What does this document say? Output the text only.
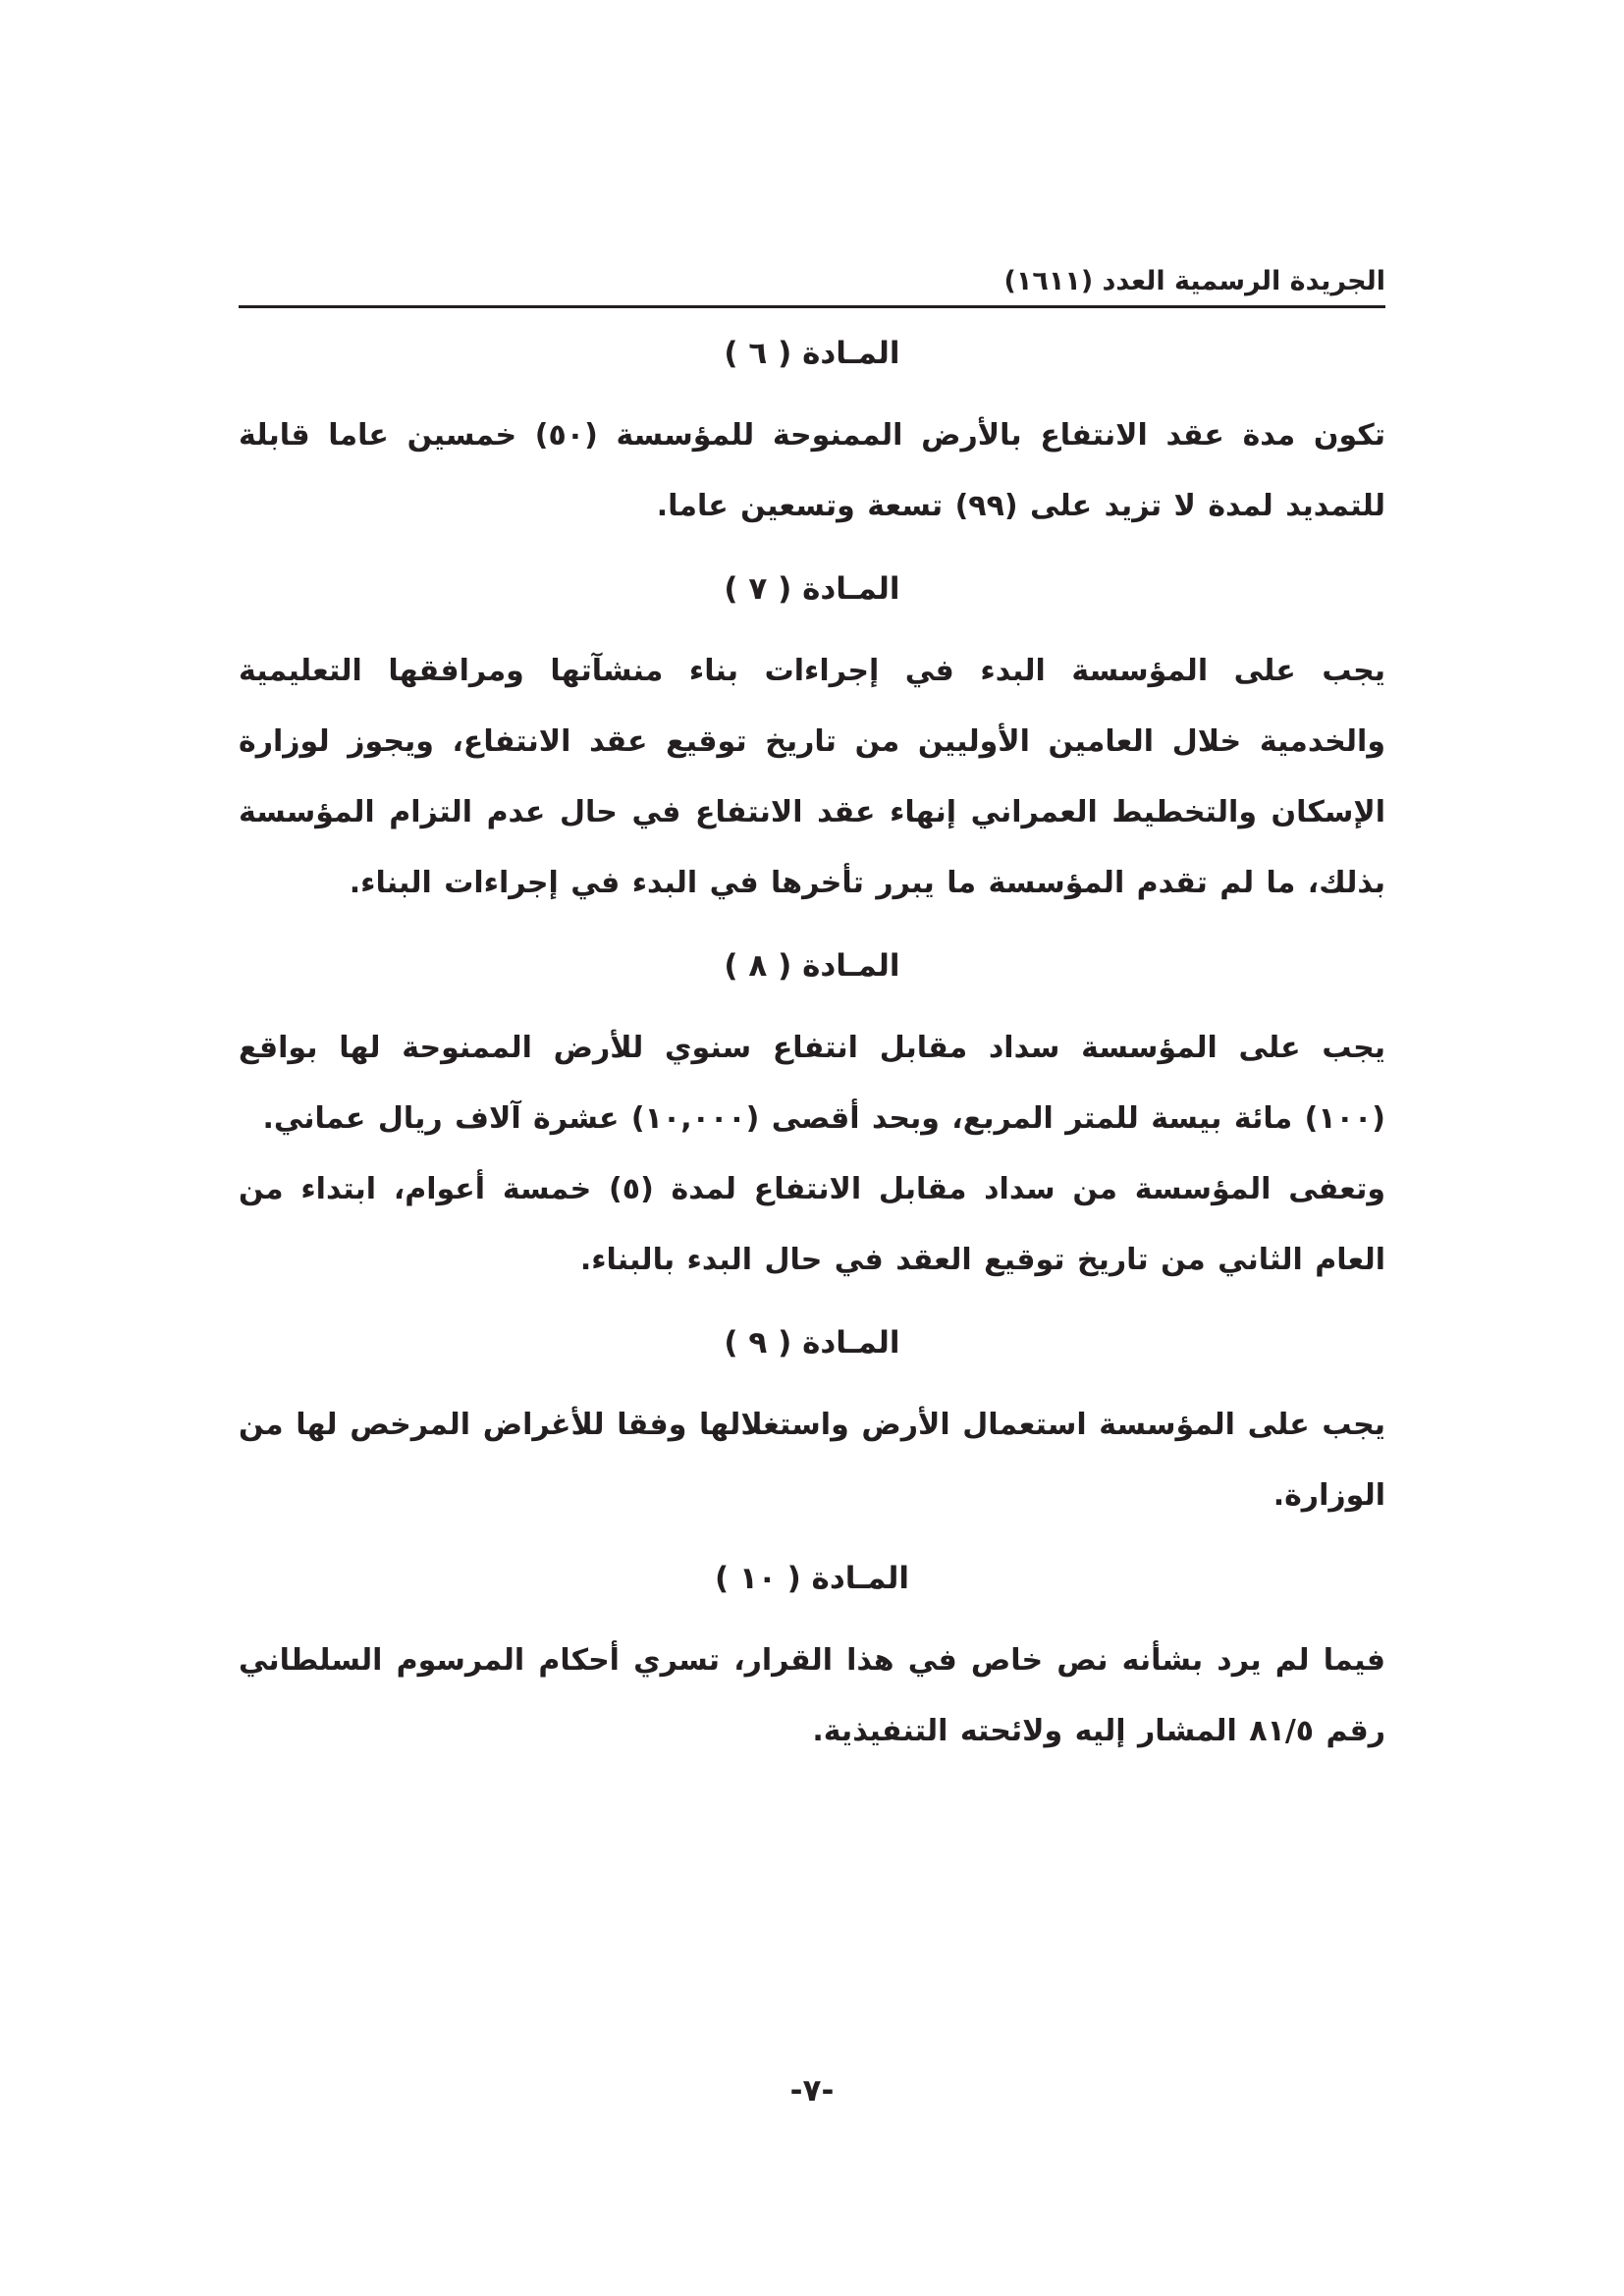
الجريدة الرسمية العدد (١٦١١)
المـادة ( ٦ )

تكون مدة عقد الانتفاع بالأرض الممنوحة للمؤسسة (٥٠) خمسين عاما قابلة للتمديد لمدة لا تزيد على (٩٩) تسعة وتسعين عاما.

المـادة ( ٧ )

يجب على المؤسسة البدء في إجراءات بناء منشآتها ومرافقها التعليمية والخدمية خلال العامين الأوليين من تاريخ توقيع عقد الانتفاع، ويجوز لوزارة الإسكان والتخطيط العمراني إنهاء عقد الانتفاع في حال عدم التزام المؤسسة بذلك، ما لم تقدم المؤسسة ما يبرر تأخرها في البدء في إجراءات البناء.

المـادة ( ٨ )

يجب على المؤسسة سداد مقابل انتفاع سنوي للأرض الممنوحة لها بواقع (١٠٠) مائة بيسة للمتر المربع، وبحد أقصى (١٠,٠٠٠) عشرة آلاف ريال عماني.

وتعفى المؤسسة من سداد مقابل الانتفاع لمدة (٥) خمسة أعوام، ابتداء من العام الثاني من تاريخ توقيع العقد في حال البدء بالبناء.

المـادة ( ٩ )

يجب على المؤسسة استعمال الأرض واستغلالها وفقا للأغراض المرخص لها من الوزارة.

المـادة ( ١٠ )

فيما لم يرد بشأنه نص خاص في هذا القرار، تسري أحكام المرسوم السلطاني رقم ٨١/٥ المشار إليه ولائحته التنفيذية.

-٧-
